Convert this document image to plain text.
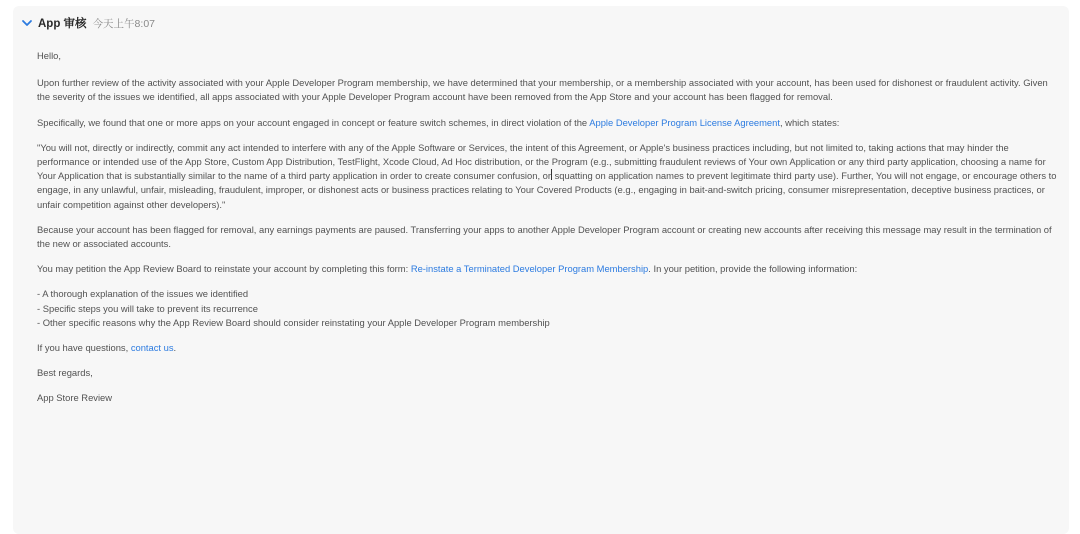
App 审核 今天上午8:07

Hello,

Upon further review of the activity associated with your Apple Developer Program membership, we have determined that your membership, or a membership associated with your account, has been used for dishonest or fraudulent activity. Given the severity of the issues we identified, all apps associated with your Apple Developer Program account have been removed from the App Store and your account has been flagged for removal.

Specifically, we found that one or more apps on your account engaged in concept or feature switch schemes, in direct violation of the Apple Developer Program License Agreement, which states:

"You will not, directly or indirectly, commit any act intended to interfere with any of the Apple Software or Services, the intent of this Agreement, or Apple's business practices including, but not limited to, taking actions that may hinder the performance or intended use of the App Store, Custom App Distribution, TestFlight, Xcode Cloud, Ad Hoc distribution, or the Program (e.g., submitting fraudulent reviews of Your own Application or any third party application, choosing a name for Your Application that is substantially similar to the name of a third party application in order to create consumer confusion, or squatting on application names to prevent legitimate third party use). Further, You will not engage, or encourage others to engage, in any unlawful, unfair, misleading, fraudulent, improper, or dishonest acts or business practices relating to Your Covered Products (e.g., engaging in bait-and-switch pricing, consumer misrepresentation, deceptive business practices, or unfair competition against other developers)."

Because your account has been flagged for removal, any earnings payments are paused. Transferring your apps to another Apple Developer Program account or creating new accounts after receiving this message may result in the termination of the new or associated accounts.

You may petition the App Review Board to reinstate your account by completing this form: Re-instate a Terminated Developer Program Membership. In your petition, provide the following information:

- A thorough explanation of the issues we identified

- Specific steps you will take to prevent its recurrence

- Other specific reasons why the App Review Board should consider reinstating your Apple Developer Program membership

If you have questions, contact us.

Best regards,

App Store Review
